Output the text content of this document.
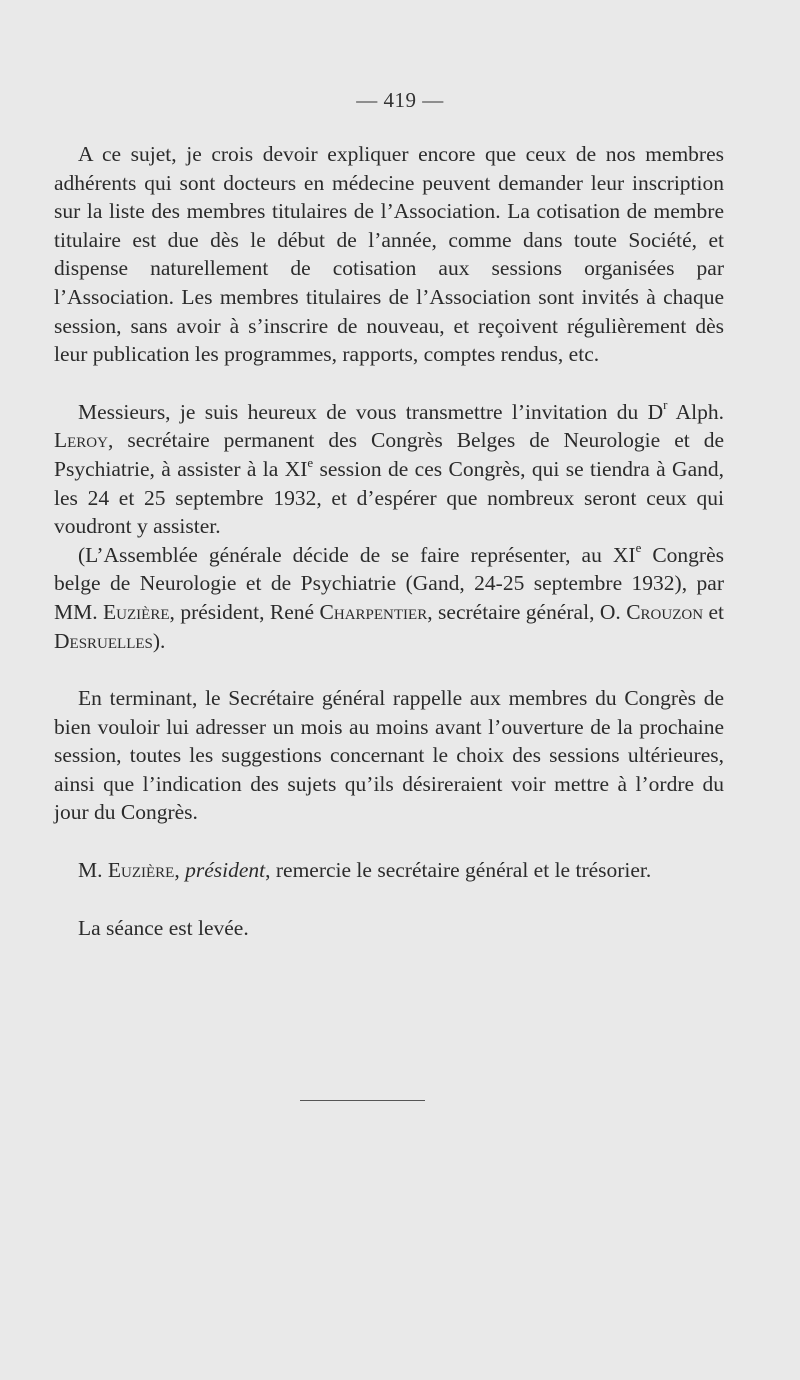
— 419 —

A ce sujet, je crois devoir expliquer encore que ceux de nos membres adhérents qui sont docteurs en médecine peuvent demander leur inscription sur la liste des membres titulaires de l’Association. La cotisation de membre titulaire est due dès le début de l’année, comme dans toute Société, et dispense naturellement de cotisation aux sessions organisées par l’Association. Les membres titulaires de l’Association sont invités à chaque session, sans avoir à s’inscrire de nouveau, et reçoivent régulièrement dès leur publication les programmes, rapports, comptes rendus, etc.

Messieurs, je suis heureux de vous transmettre l’invitation du $D^r$ Alph. Leroy, secrétaire permanent des Congrès Belges de Neurologie et de Psychiatrie, à assister à la XIe session de ces Congrès, qui se tiendra à Gand, les 24 et 25 septembre 1932, et d’espérer que nombreux seront ceux qui voudront y assister.

(L’Assemblée générale décide de se faire représenter, au XIe Congrès belge de Neurologie et de Psychiatrie (Gand, 24-25 septembre 1932), par MM. Euzière, président, René Charpentier, secrétaire général, O. Crouzon et Desruelles).

En terminant, le Secrétaire général rappelle aux membres du Congrès de bien vouloir lui adresser un mois au moins avant l’ouverture de la prochaine session, toutes les suggestions concernant le choix des sessions ultérieures, ainsi que l’indication des sujets qu’ils désireraient voir mettre à l’ordre du jour du Congrès.

M. Euzière, président, remercie le secrétaire général et le trésorier.

La séance est levée.
